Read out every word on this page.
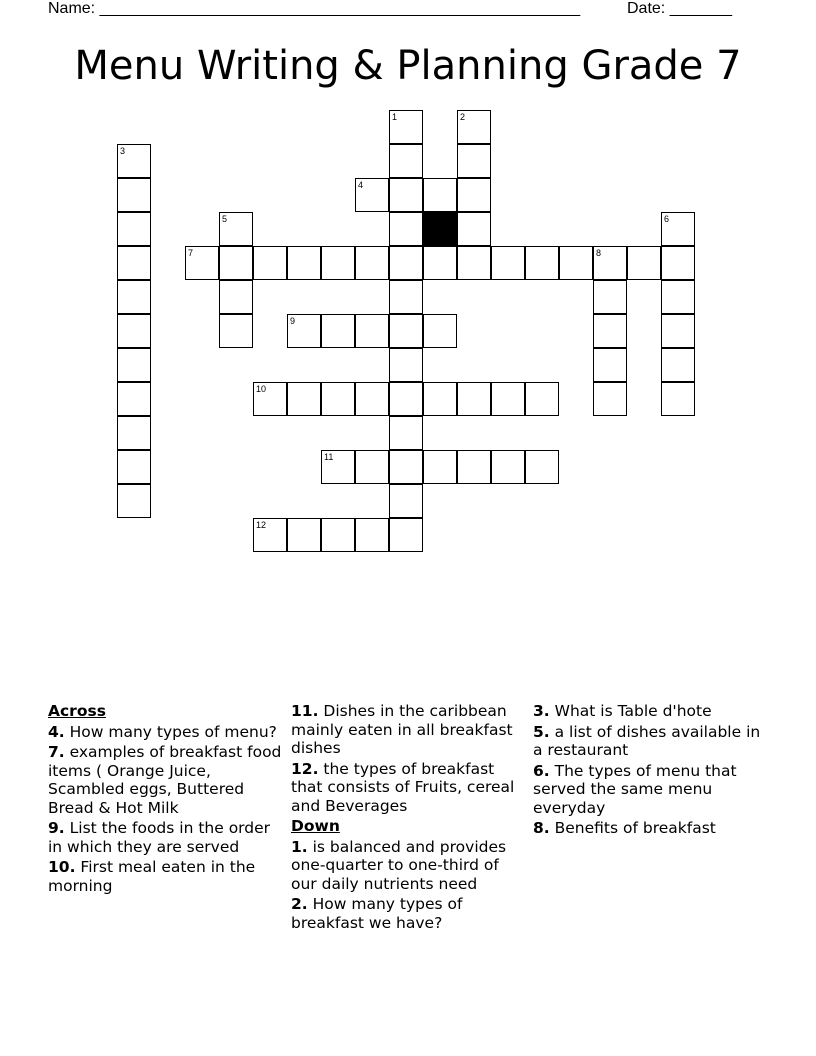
Name: ______________________________________________________	Date: _______
Menu Writing & Planning Grade 7
1	2
3
4
5	6
7	8
9
10
11
12
Across
4. How many types of menu?
7. examples of breakfast food items ( Orange Juice, Scambled eggs, Buttered Bread & Hot Milk
9. List the foods in the order in which they are served
10. First meal eaten in the morning
11. Dishes in the caribbean mainly eaten in all breakfast dishes
12. the types of breakfast that consists of Fruits, cereal and Beverages
Down
1. is balanced and provides one-quarter to one-third of our daily nutrients need
2. How many types of breakfast we have?
3. What is Table d'hote
5. a list of dishes available in a restaurant
6. The types of menu that served the same menu everyday
8. Benefits of breakfast
